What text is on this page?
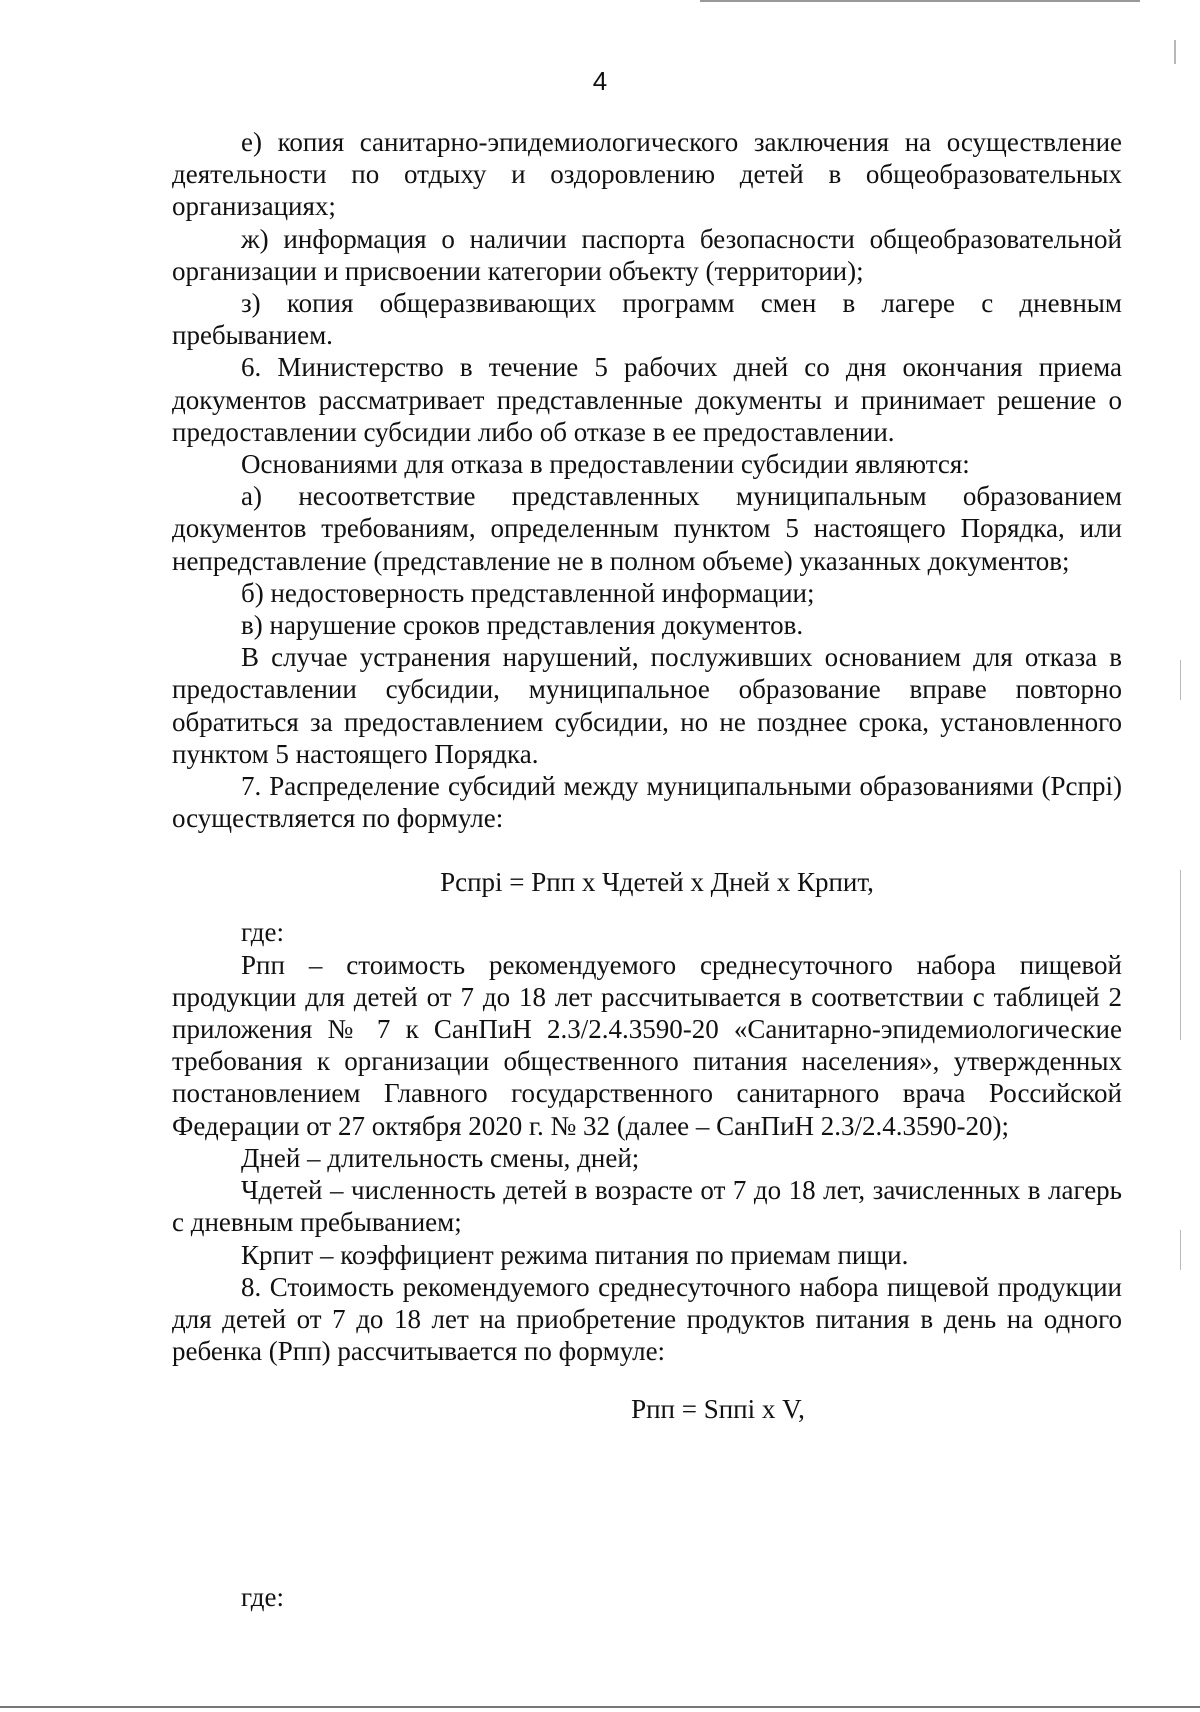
4

е) копия санитарно-эпидемиологического заключения на осуществление деятельности по отдыху и оздоровлению детей в общеобразовательных организациях;

ж) информация о наличии паспорта безопасности общеобразовательной организации и присвоении категории объекту (территории);

з) копия общеразвивающих программ смен в лагере с дневным пребыванием.

6. Министерство в течение 5 рабочих дней со дня окончания приема документов рассматривает представленные документы и принимает решение о предоставлении субсидии либо об отказе в ее предоставлении.

Основаниями для отказа в предоставлении субсидии являются:

а) несоответствие представленных муниципальным образованием документов требованиям, определенным пунктом 5 настоящего Порядка, или непредставление (представление не в полном объеме) указанных документов;

б) недостоверность представленной информации;

в) нарушение сроков представления документов.

В случае устранения нарушений, послуживших основанием для отказа в предоставлении субсидии, муниципальное образование вправе повторно обратиться за предоставлением субсидии, но не позднее срока, установленного пунктом 5 настоящего Порядка.

7. Распределение субсидий между муниципальными образованиями (Рспрi) осуществляется по формуле:

Рспрi = Рпп х Чдетей х Дней х Крпит,

где:

Рпп – стоимость рекомендуемого среднесуточного набора пищевой продукции для детей от 7 до 18 лет рассчитывается в соответствии с таблицей 2 приложения № 7 к СанПиН 2.3/2.4.3590-20 «Санитарно-эпидемиологические требования к организации общественного питания населения», утвержденных постановлением Главного государственного санитарного врача Российской Федерации от 27 октября 2020 г. № 32 (далее – СанПиН 2.3/2.4.3590-20);

Дней – длительность смены, дней;

Чдетей – численность детей в возрасте от 7 до 18 лет, зачисленных в лагерь с дневным пребыванием;

Крпит – коэффициент режима питания по приемам пищи.

8. Стоимость рекомендуемого среднесуточного набора пищевой продукции для детей от 7 до 18 лет на приобретение продуктов питания в день на одного ребенка (Рпп) рассчитывается по формуле:

Рпп = Sппi х V,

где:
